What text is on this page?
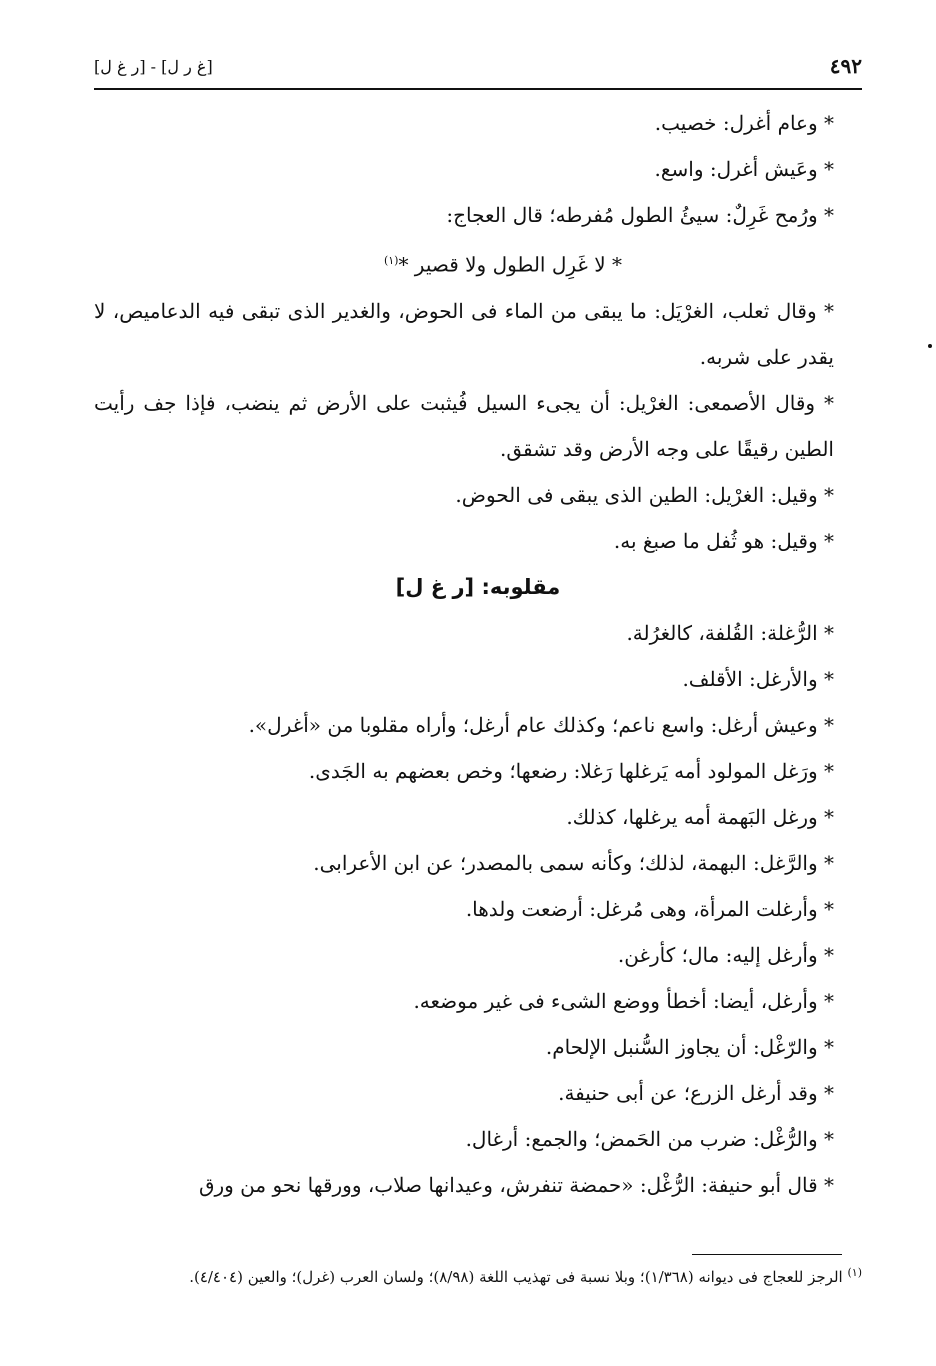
٤٩٢
[غ ر ل] - [ر غ ل]

* وعام أغرل: خصيب.

* وعَيش أغرل: واسع.

* ورُمح غَرِلٌ: سيئُ الطول مُفرطه؛ قال العجاج:

* لا غَرِل الطول ولا قصير *$^{(١)}$

* وقال ثعلب، الغرْيَل: ما يبقى من الماء فى الحوض، والغدير الذى تبقى فيه الدعاميص، لا يقدر على شربه.

* وقال الأصمعى: الغرْيل: أن يجىء السيل فُيثبت على الأرض ثم ينضب، فإذا جف رأيت الطين رقيقًا على وجه الأرض وقد تشقق.

* وقيل: الغرْيل: الطين الذى يبقى فى الحوض.

* وقيل: هو ثُفل ما صبغ به.

مقلوبه: [ر غ ل]

* الرُّغلة: القُلفة، كالغرُلة.

* والأرغل: الأقلف.

* وعيش أرغل: واسع ناعم؛ وكذلك عام أرغل؛ وأراه مقلوبا من «أغرل».

* ورَغل المولود أمه يَرغلها رَغلا: رضعها؛ وخص بعضهم به الجَدى.

* ورغل البَهمة أمه يرغلها، كذلك.

* والرَّغل: البهمة، لذلك؛ وكأنه سمى بالمصدر؛ عن ابن الأعرابى.

* وأرغلت المرأة، وهى مُرغل: أرضعت ولدها.

* وأرغل إليه: مال؛ كأرغن.

* وأرغل، أيضا: أخطأ ووضع الشىء فى غير موضعه.

* والرّغْل: أن يجاوز السُّنبل الإلحام.

* وقد أرغل الزرع؛ عن أبى حنيفة.

* والرُّغْل: ضرب من الحَمض؛ والجمع: أرغال.

* قال أبو حنيفة: الرُّغْل: «حمضة تنفرش، وعيدانها صلاب، وورقها نحو من ورق

$^{(١)}$ الرجز للعجاج فى ديوانه (١/٣٦٨)؛ وبلا نسبة فى تهذيب اللغة (٨/٩٨)؛ ولسان العرب (غرل)؛ والعين (٤/٤٠٤).
